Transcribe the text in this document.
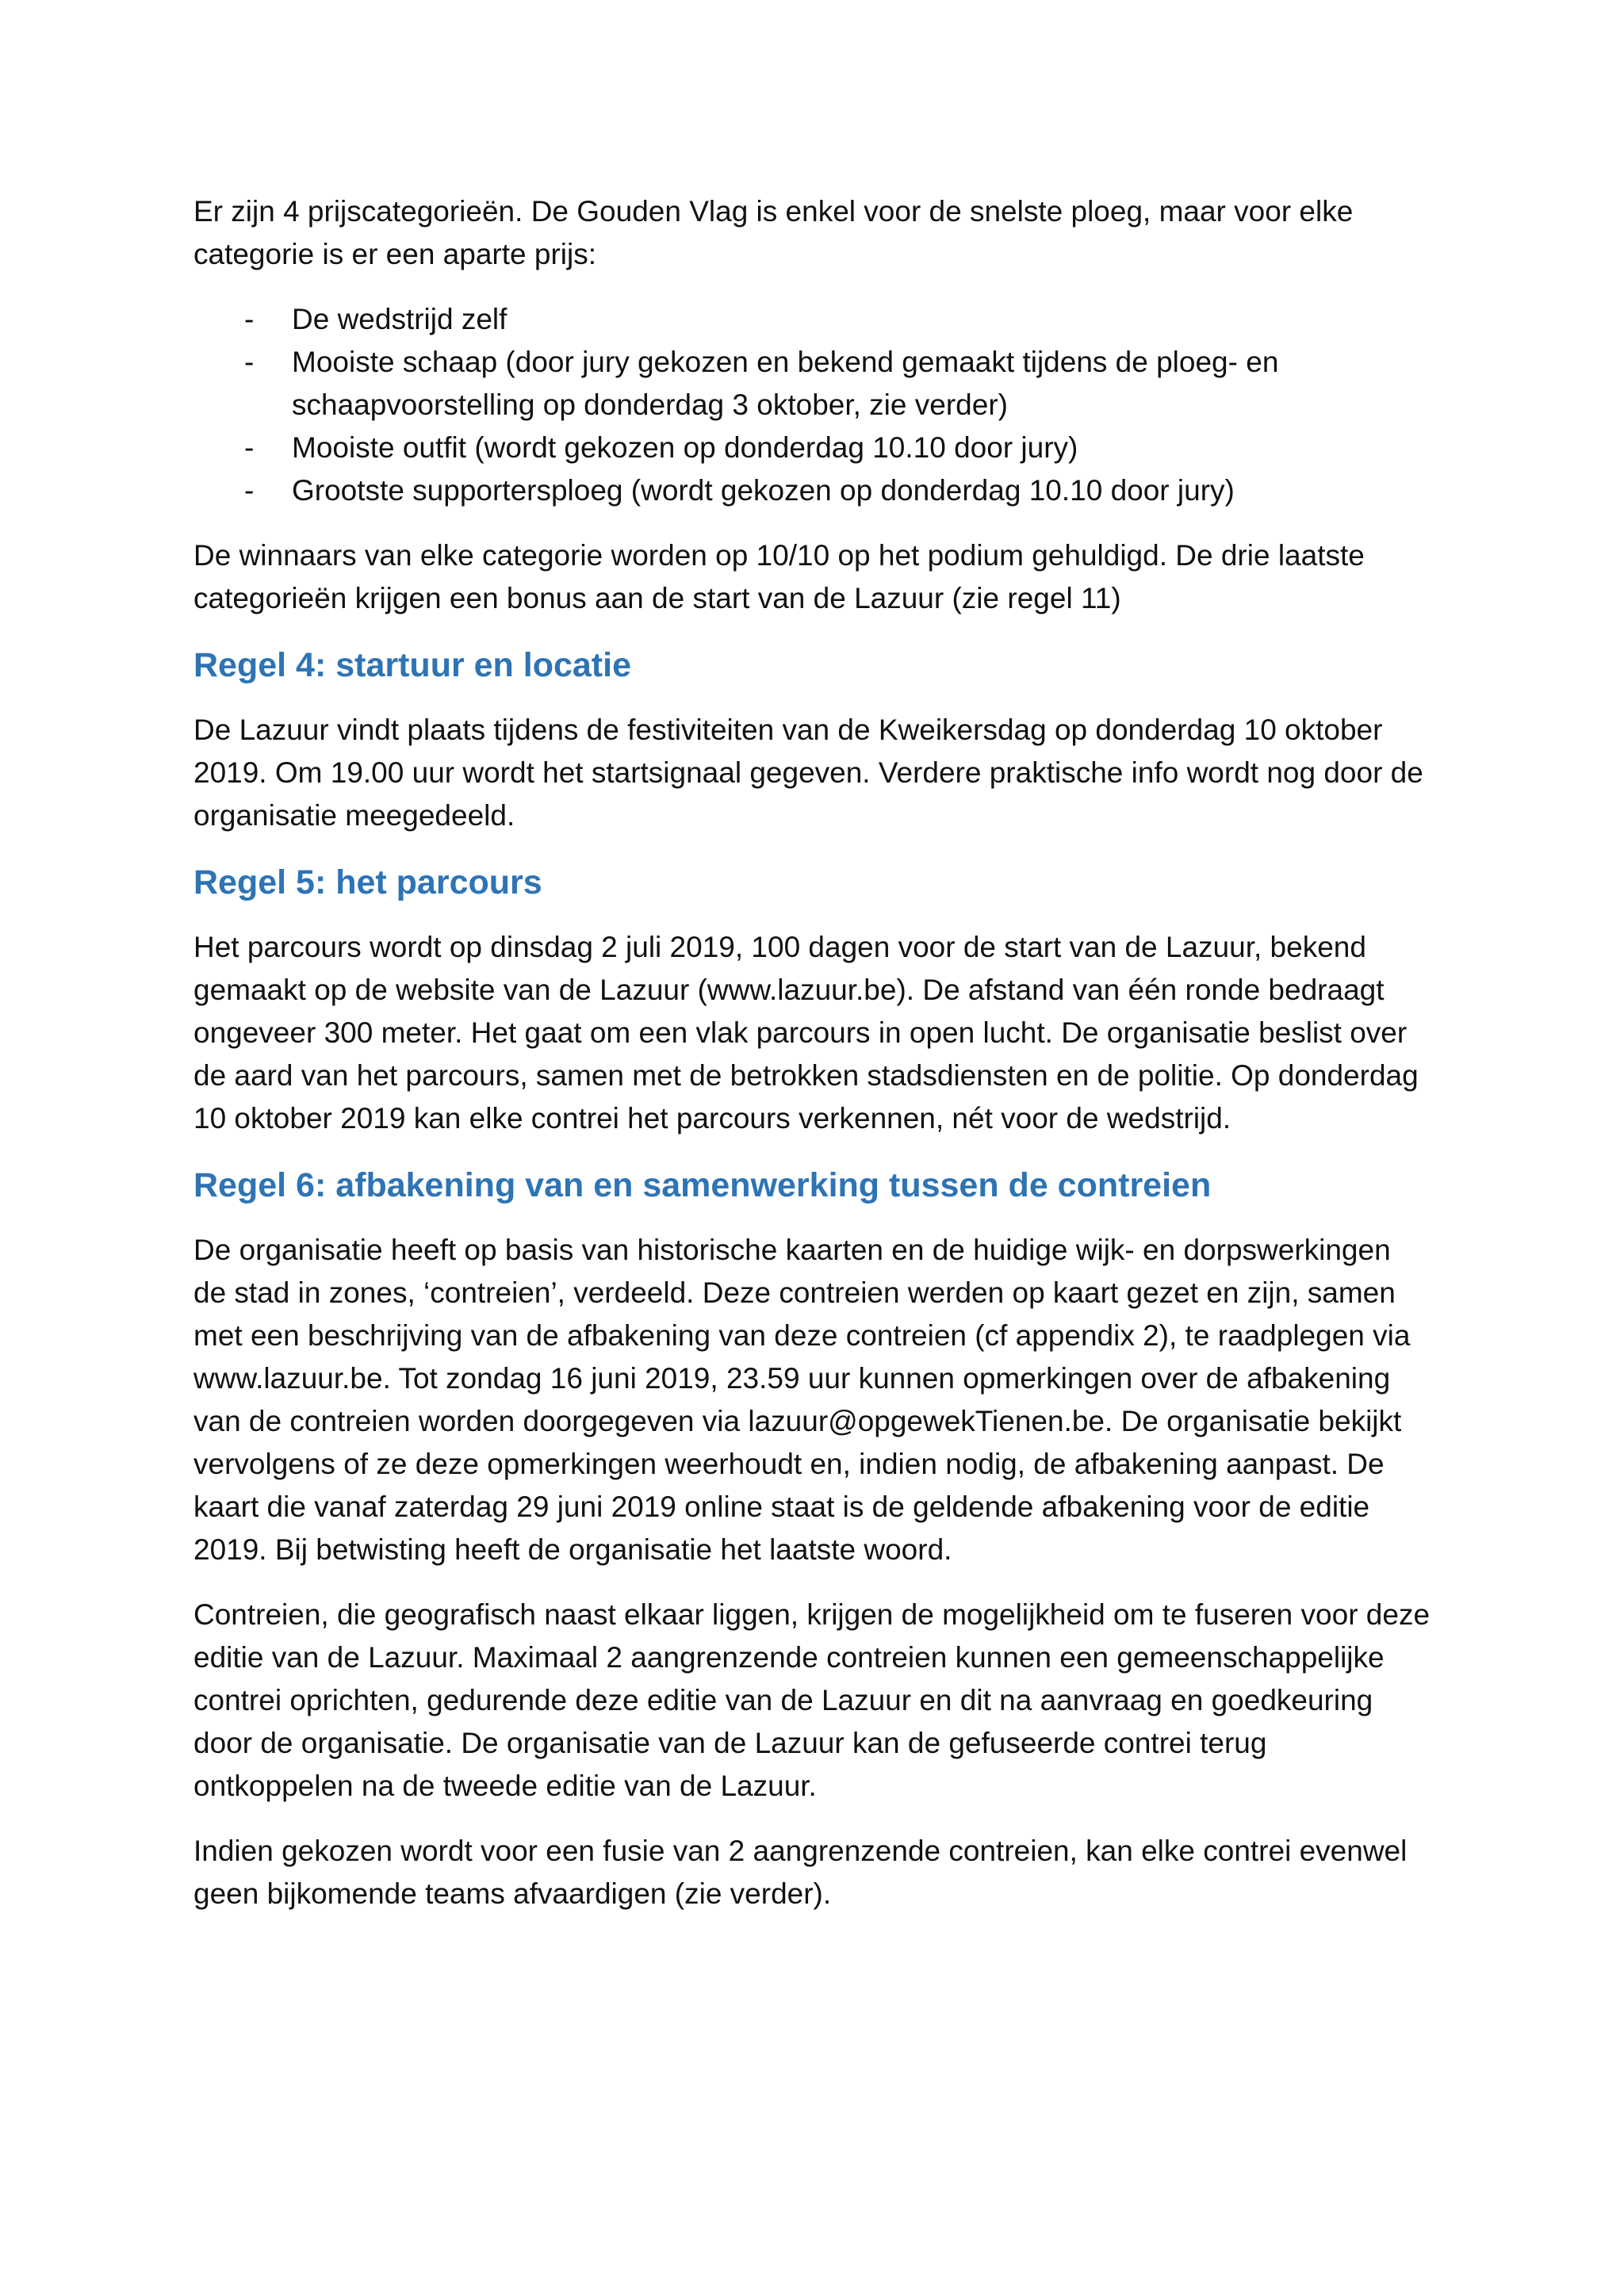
Er zijn 4 prijscategorieën. De Gouden Vlag is enkel voor de snelste ploeg, maar voor elke categorie is er een aparte prijs:

- De wedstrijd zelf
- Mooiste schaap (door jury gekozen en bekend gemaakt tijdens de ploeg- en schaapvoorstelling op donderdag 3 oktober, zie verder)
- Mooiste outfit (wordt gekozen op donderdag 10.10 door jury)
- Grootste supportersploeg (wordt gekozen op donderdag 10.10 door jury)

De winnaars van elke categorie worden op 10/10 op het podium gehuldigd. De drie laatste categorieën krijgen een bonus aan de start van de Lazuur (zie regel 11)

Regel 4: startuur en locatie

De Lazuur vindt plaats tijdens de festiviteiten van de Kweikersdag op donderdag 10 oktober 2019. Om 19.00 uur wordt het startsignaal gegeven. Verdere praktische info wordt nog door de organisatie meegedeeld.

Regel 5: het parcours

Het parcours wordt op dinsdag 2 juli 2019, 100 dagen voor de start van de Lazuur, bekend gemaakt op de website van de Lazuur (www.lazuur.be). De afstand van één ronde bedraagt ongeveer 300 meter. Het gaat om een vlak parcours in open lucht. De organisatie beslist over de aard van het parcours, samen met de betrokken stadsdiensten en de politie. Op donderdag 10 oktober 2019 kan elke contrei het parcours verkennen, nét voor de wedstrijd.

Regel 6: afbakening van en samenwerking tussen de contreien

De organisatie heeft op basis van historische kaarten en de huidige wijk- en dorpswerkingen de stad in zones, ‘contreien’, verdeeld. Deze contreien werden op kaart gezet en zijn, samen met een beschrijving van de afbakening van deze contreien (cf appendix 2), te raadplegen via www.lazuur.be. Tot zondag 16 juni 2019, 23.59 uur kunnen opmerkingen over de afbakening van de contreien worden doorgegeven via lazuur@opgewekTienen.be. De organisatie bekijkt vervolgens of ze deze opmerkingen weerhoudt en, indien nodig, de afbakening aanpast. De kaart die vanaf zaterdag 29 juni 2019 online staat is de geldende afbakening voor de editie 2019. Bij betwisting heeft de organisatie het laatste woord.

Contreien, die geografisch naast elkaar liggen, krijgen de mogelijkheid om te fuseren voor deze editie van de Lazuur. Maximaal 2 aangrenzende contreien kunnen een gemeenschappelijke contrei oprichten, gedurende deze editie van de Lazuur en dit na aanvraag en goedkeuring door de organisatie. De organisatie van de Lazuur kan de gefuseerde contrei terug ontkoppelen na de tweede editie van de Lazuur.

Indien gekozen wordt voor een fusie van 2 aangrenzende contreien, kan elke contrei evenwel geen bijkomende teams afvaardigen (zie verder).
